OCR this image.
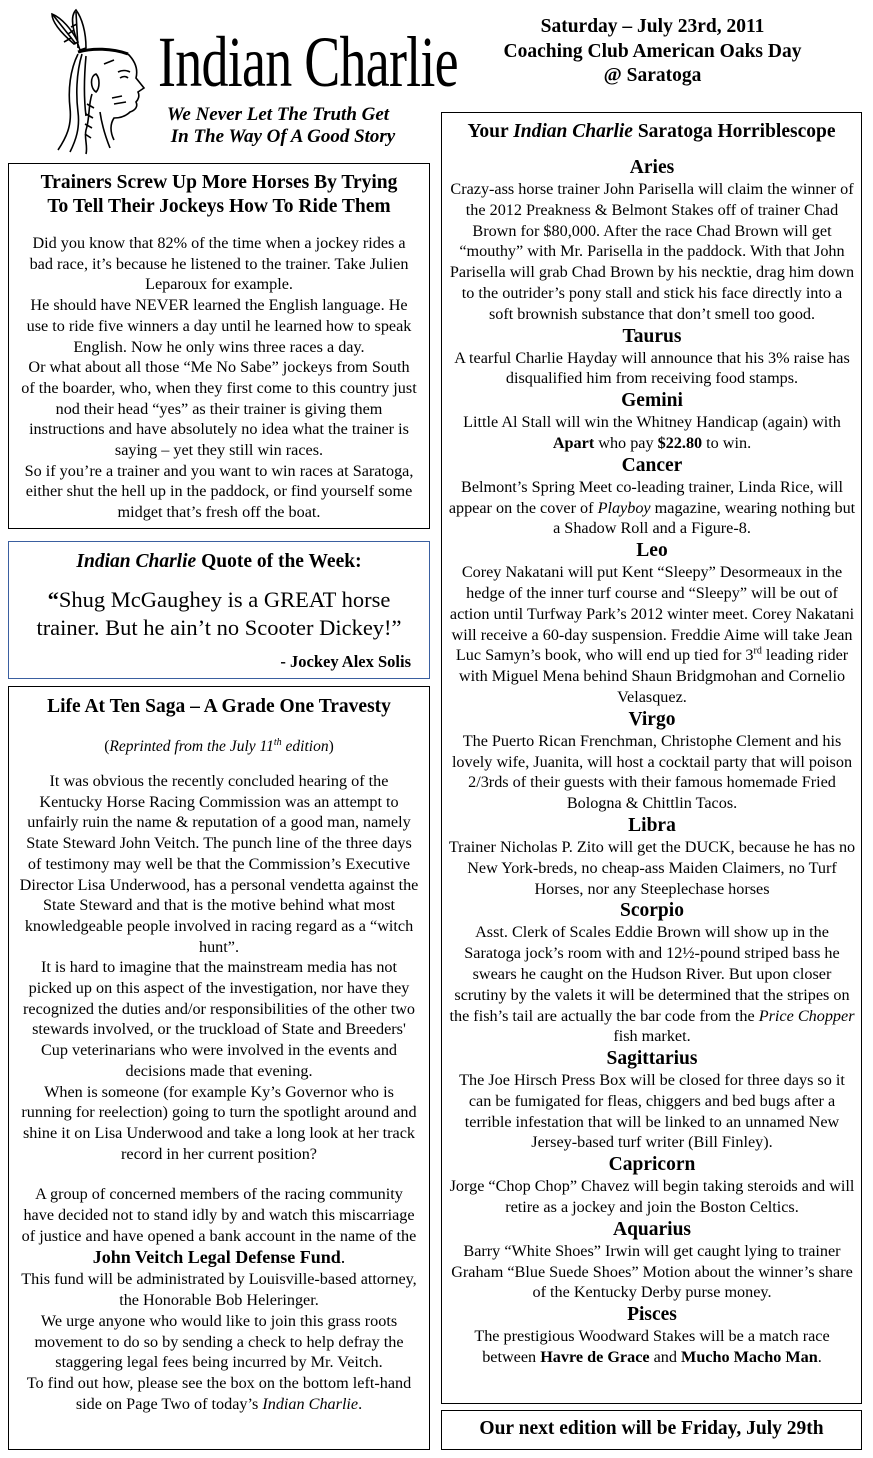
Indian Charlie
We Never Let The Truth Get
In The Way Of A Good Story
Saturday – July 23rd, 2011
Coaching Club American Oaks Day
@ Saratoga
Trainers Screw Up More Horses By Trying
To Tell Their Jockeys How To Ride Them

Did you know that 82% of the time when a jockey rides a bad race, it’s because he listened to the trainer. Take Julien Leparoux for example.

He should have NEVER learned the English language. He use to ride five winners a day until he learned how to speak English. Now he only wins three races a day.

Or what about all those “Me No Sabe” jockeys from South of the boarder, who, when they first come to this country just nod their head “yes” as their trainer is giving them instructions and have absolutely no idea what the trainer is saying – yet they still win races.

So if you’re a trainer and you want to win races at Saratoga, either shut the hell up in the paddock, or find yourself some midget that’s fresh off the boat.

Indian Charlie Quote of the Week:
“Shug McGaughey is a GREAT horse trainer. But he ain’t no Scooter Dickey!”
- Jockey Alex Solis
Life At Ten Saga – A Grade One Travesty
(Reprinted from the July 11th edition)

It was obvious the recently concluded hearing of the Kentucky Horse Racing Commission was an attempt to unfairly ruin the name & reputation of a good man, namely State Steward John Veitch. The punch line of the three days of testimony may well be that the Commission’s Executive Director Lisa Underwood, has a personal vendetta against the State Steward and that is the motive behind what most knowledgeable people involved in racing regard as a “witch hunt”.

It is hard to imagine that the mainstream media has not picked up on this aspect of the investigation, nor have they recognized the duties and/or responsibilities of the other two stewards involved, or the truckload of State and Breeders' Cup veterinarians who were involved in the events and decisions made that evening.

When is someone (for example Ky’s Governor who is running for reelection) going to turn the spotlight around and shine it on Lisa Underwood and take a long look at her track record in her current position?

A group of concerned members of the racing community have decided not to stand idly by and watch this miscarriage of justice and have opened a bank account in the name of the

John Veitch Legal Defense Fund.

This fund will be administrated by Louisville-based attorney, the Honorable Bob Heleringer.

We urge anyone who would like to join this grass roots movement to do so by sending a check to help defray the staggering legal fees being incurred by Mr. Veitch.

To find out how, please see the box on the bottom left-hand side on Page Two of today’s Indian Charlie.

Your Indian Charlie Saratoga Horriblescope
Aries
Crazy-ass horse trainer John Parisella will claim the winner of the 2012 Preakness & Belmont Stakes off of trainer Chad Brown for $80,000. After the race Chad Brown will get “mouthy” with Mr. Parisella in the paddock. With that John Parisella will grab Chad Brown by his necktie, drag him down to the outrider’s pony stall and stick his face directly into a soft brownish substance that don’t smell too good.
Taurus
A tearful Charlie Hayday will announce that his 3% raise has disqualified him from receiving food stamps.
Gemini
Little Al Stall will win the Whitney Handicap (again) with Apart who pay $22.80 to win.
Cancer
Belmont’s Spring Meet co-leading trainer, Linda Rice, will appear on the cover of Playboy magazine, wearing nothing but a Shadow Roll and a Figure-8.
Leo
Corey Nakatani will put Kent “Sleepy” Desormeaux in the hedge of the inner turf course and “Sleepy” will be out of action until Turfway Park’s 2012 winter meet. Corey Nakatani will receive a 60-day suspension. Freddie Aime will take Jean Luc Samyn’s book, who will end up tied for 3rd leading rider with Miguel Mena behind Shaun Bridgmohan and Cornelio Velasquez.
Virgo
The Puerto Rican Frenchman, Christophe Clement and his lovely wife, Juanita, will host a cocktail party that will poison 2/3rds of their guests with their famous homemade Fried Bologna & Chittlin Tacos.
Libra
Trainer Nicholas P. Zito will get the DUCK, because he has no New York-breds, no cheap-ass Maiden Claimers, no Turf Horses, nor any Steeplechase horses
Scorpio
Asst. Clerk of Scales Eddie Brown will show up in the Saratoga jock’s room with and 12½-pound striped bass he swears he caught on the Hudson River. But upon closer scrutiny by the valets it will be determined that the stripes on the fish’s tail are actually the bar code from the Price Chopper fish market.
Sagittarius
The Joe Hirsch Press Box will be closed for three days so it can be fumigated for fleas, chiggers and bed bugs after a terrible infestation that will be linked to an unnamed New Jersey-based turf writer (Bill Finley).
Capricorn
Jorge “Chop Chop” Chavez will begin taking steroids and will retire as a jockey and join the Boston Celtics.
Aquarius
Barry “White Shoes” Irwin will get caught lying to trainer Graham “Blue Suede Shoes” Motion about the winner’s share of the Kentucky Derby purse money.
Pisces
The prestigious Woodward Stakes will be a match race between Havre de Grace and Mucho Macho Man.
Our next edition will be Friday, July 29th
